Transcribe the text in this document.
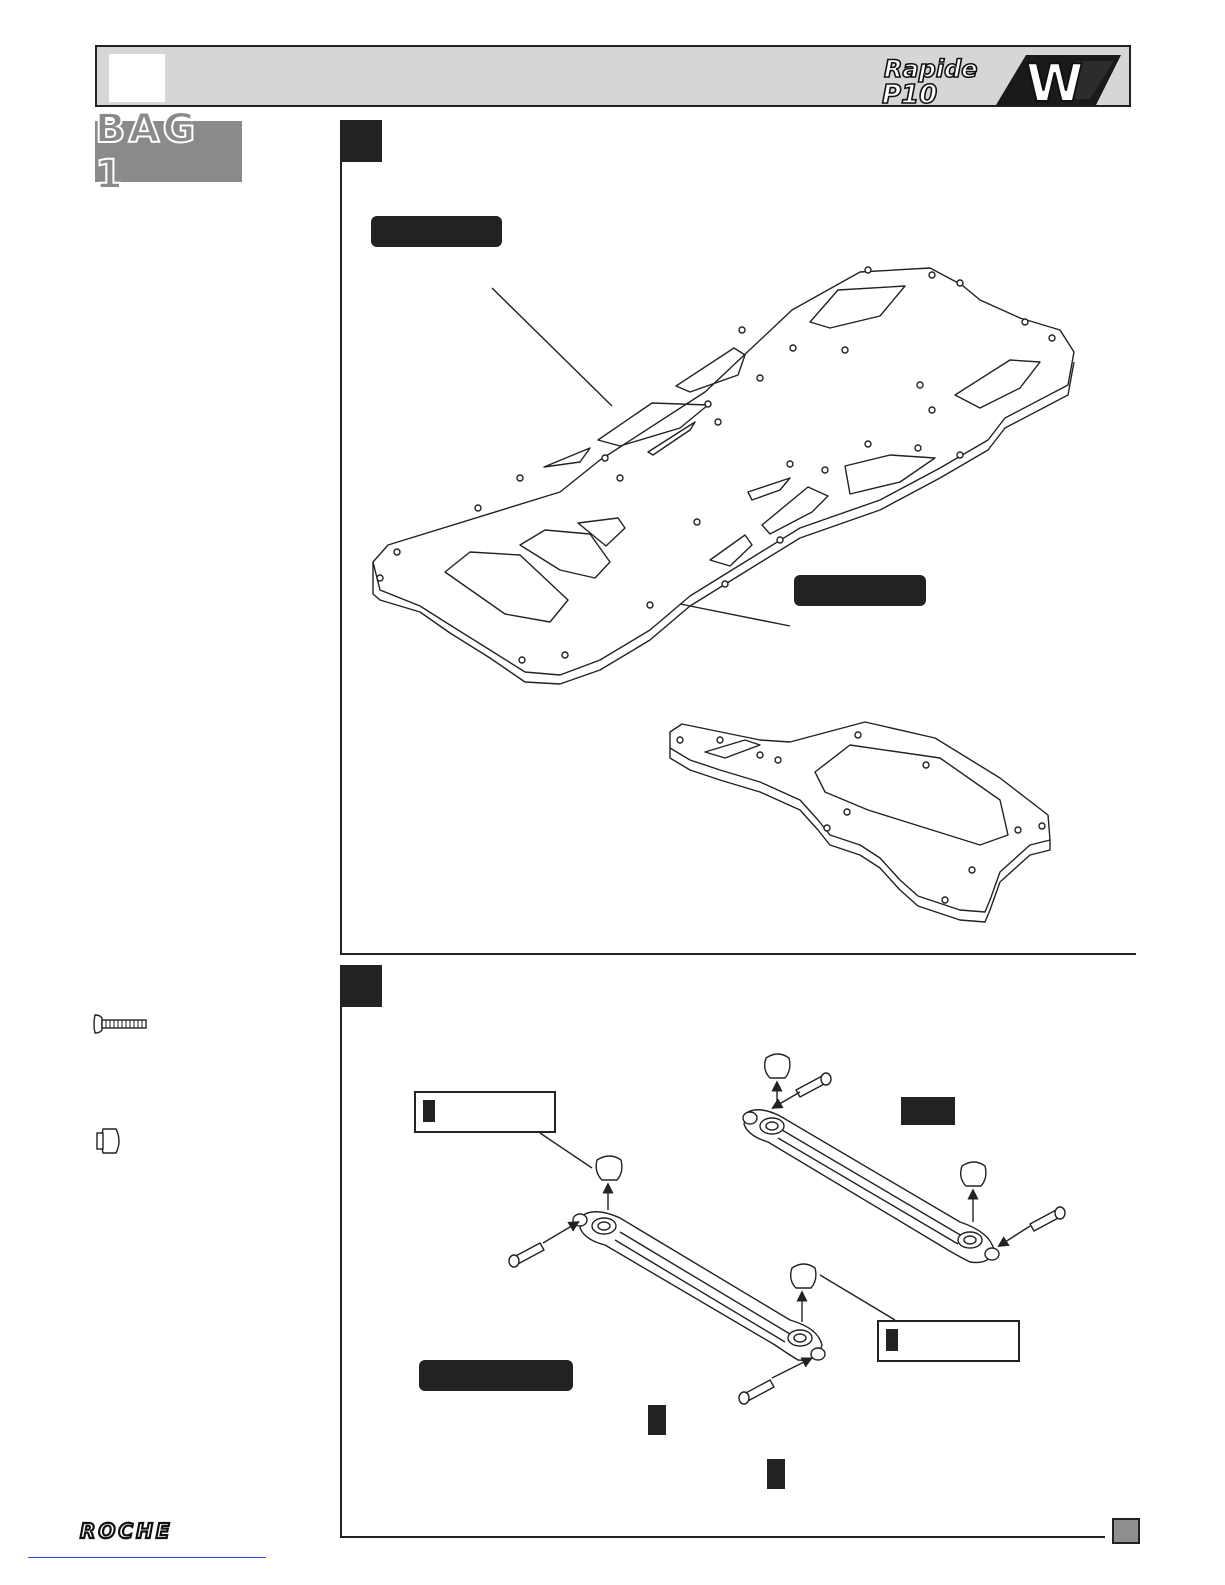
Rapide
P10 W
BAG 1
ROCHE
